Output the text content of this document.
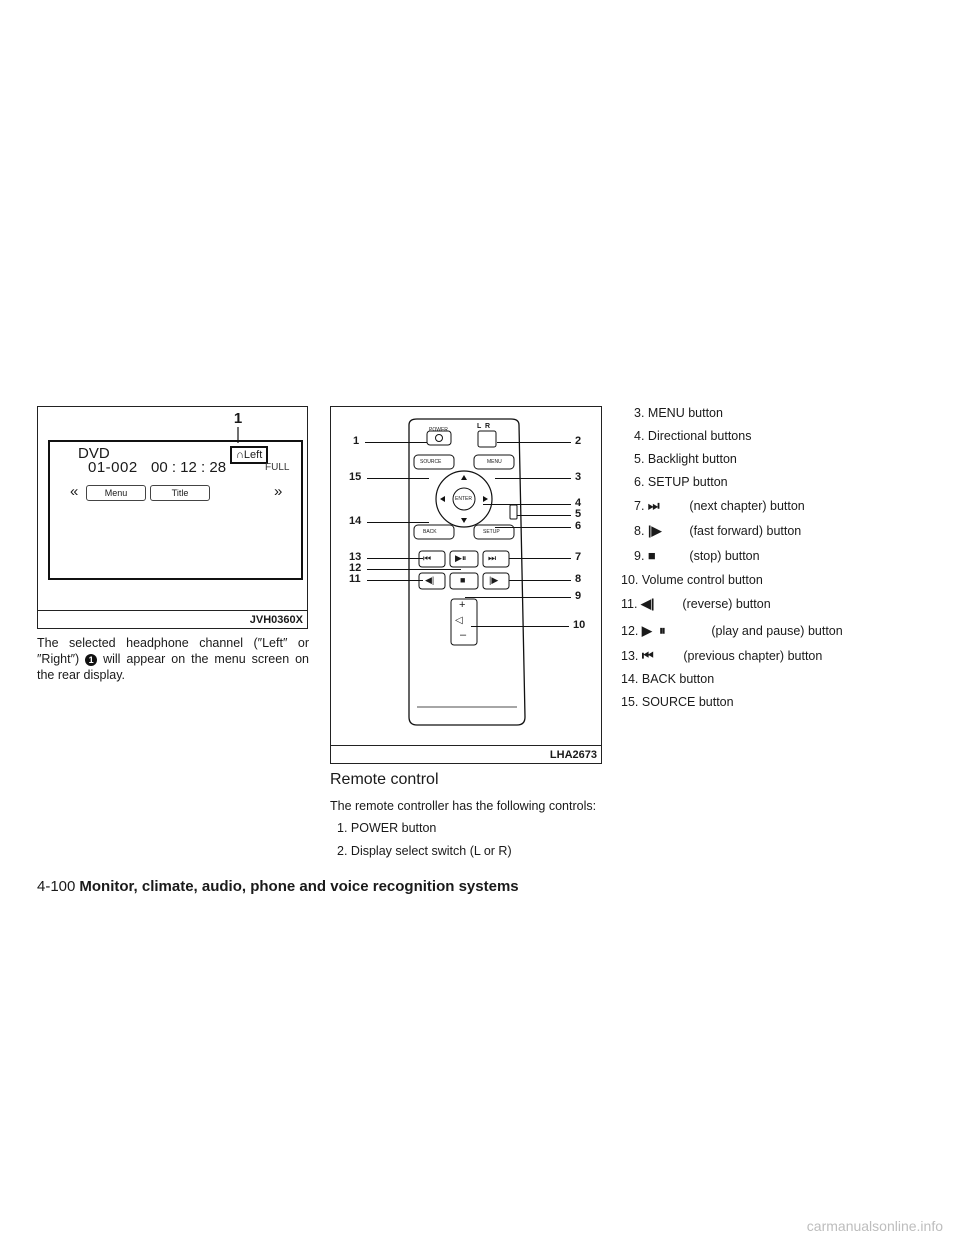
1
DVD
01-002 00 : 12 : 28
∩Left
FULL
«	Menu	Title	»
JVH0360X
The selected headphone channel (″Left″ or ″Right″) 1 will appear on the menu screen on the rear display.
POWER	L  R
SOURCE	MENU
ENTER
BACK	SETUP
⏮	▶⏸ ⏭
◀|	■	|▶
+
◁
–
1
15
14
13
12
11
2
3
4
5
6
7
8
9
10
LHA2673
Remote control
The remote controller has the following controls:
1. POWER button
2. Display select switch (L or R)
3. MENU button
4. Directional buttons
5. Backlight button
6. SETUP button
7. ⏭ (next chapter) button
8. |▶ (fast forward) button
9. ■	(stop) button
10. Volume control button
11. ◀| (reverse) button
12. ▶  ⏸	(play and pause) button
13. ⏮ (previous chapter) button
14. BACK button
15. SOURCE button
4-100 Monitor, climate, audio, phone and voice recognition systems
carmanualsonline.info
